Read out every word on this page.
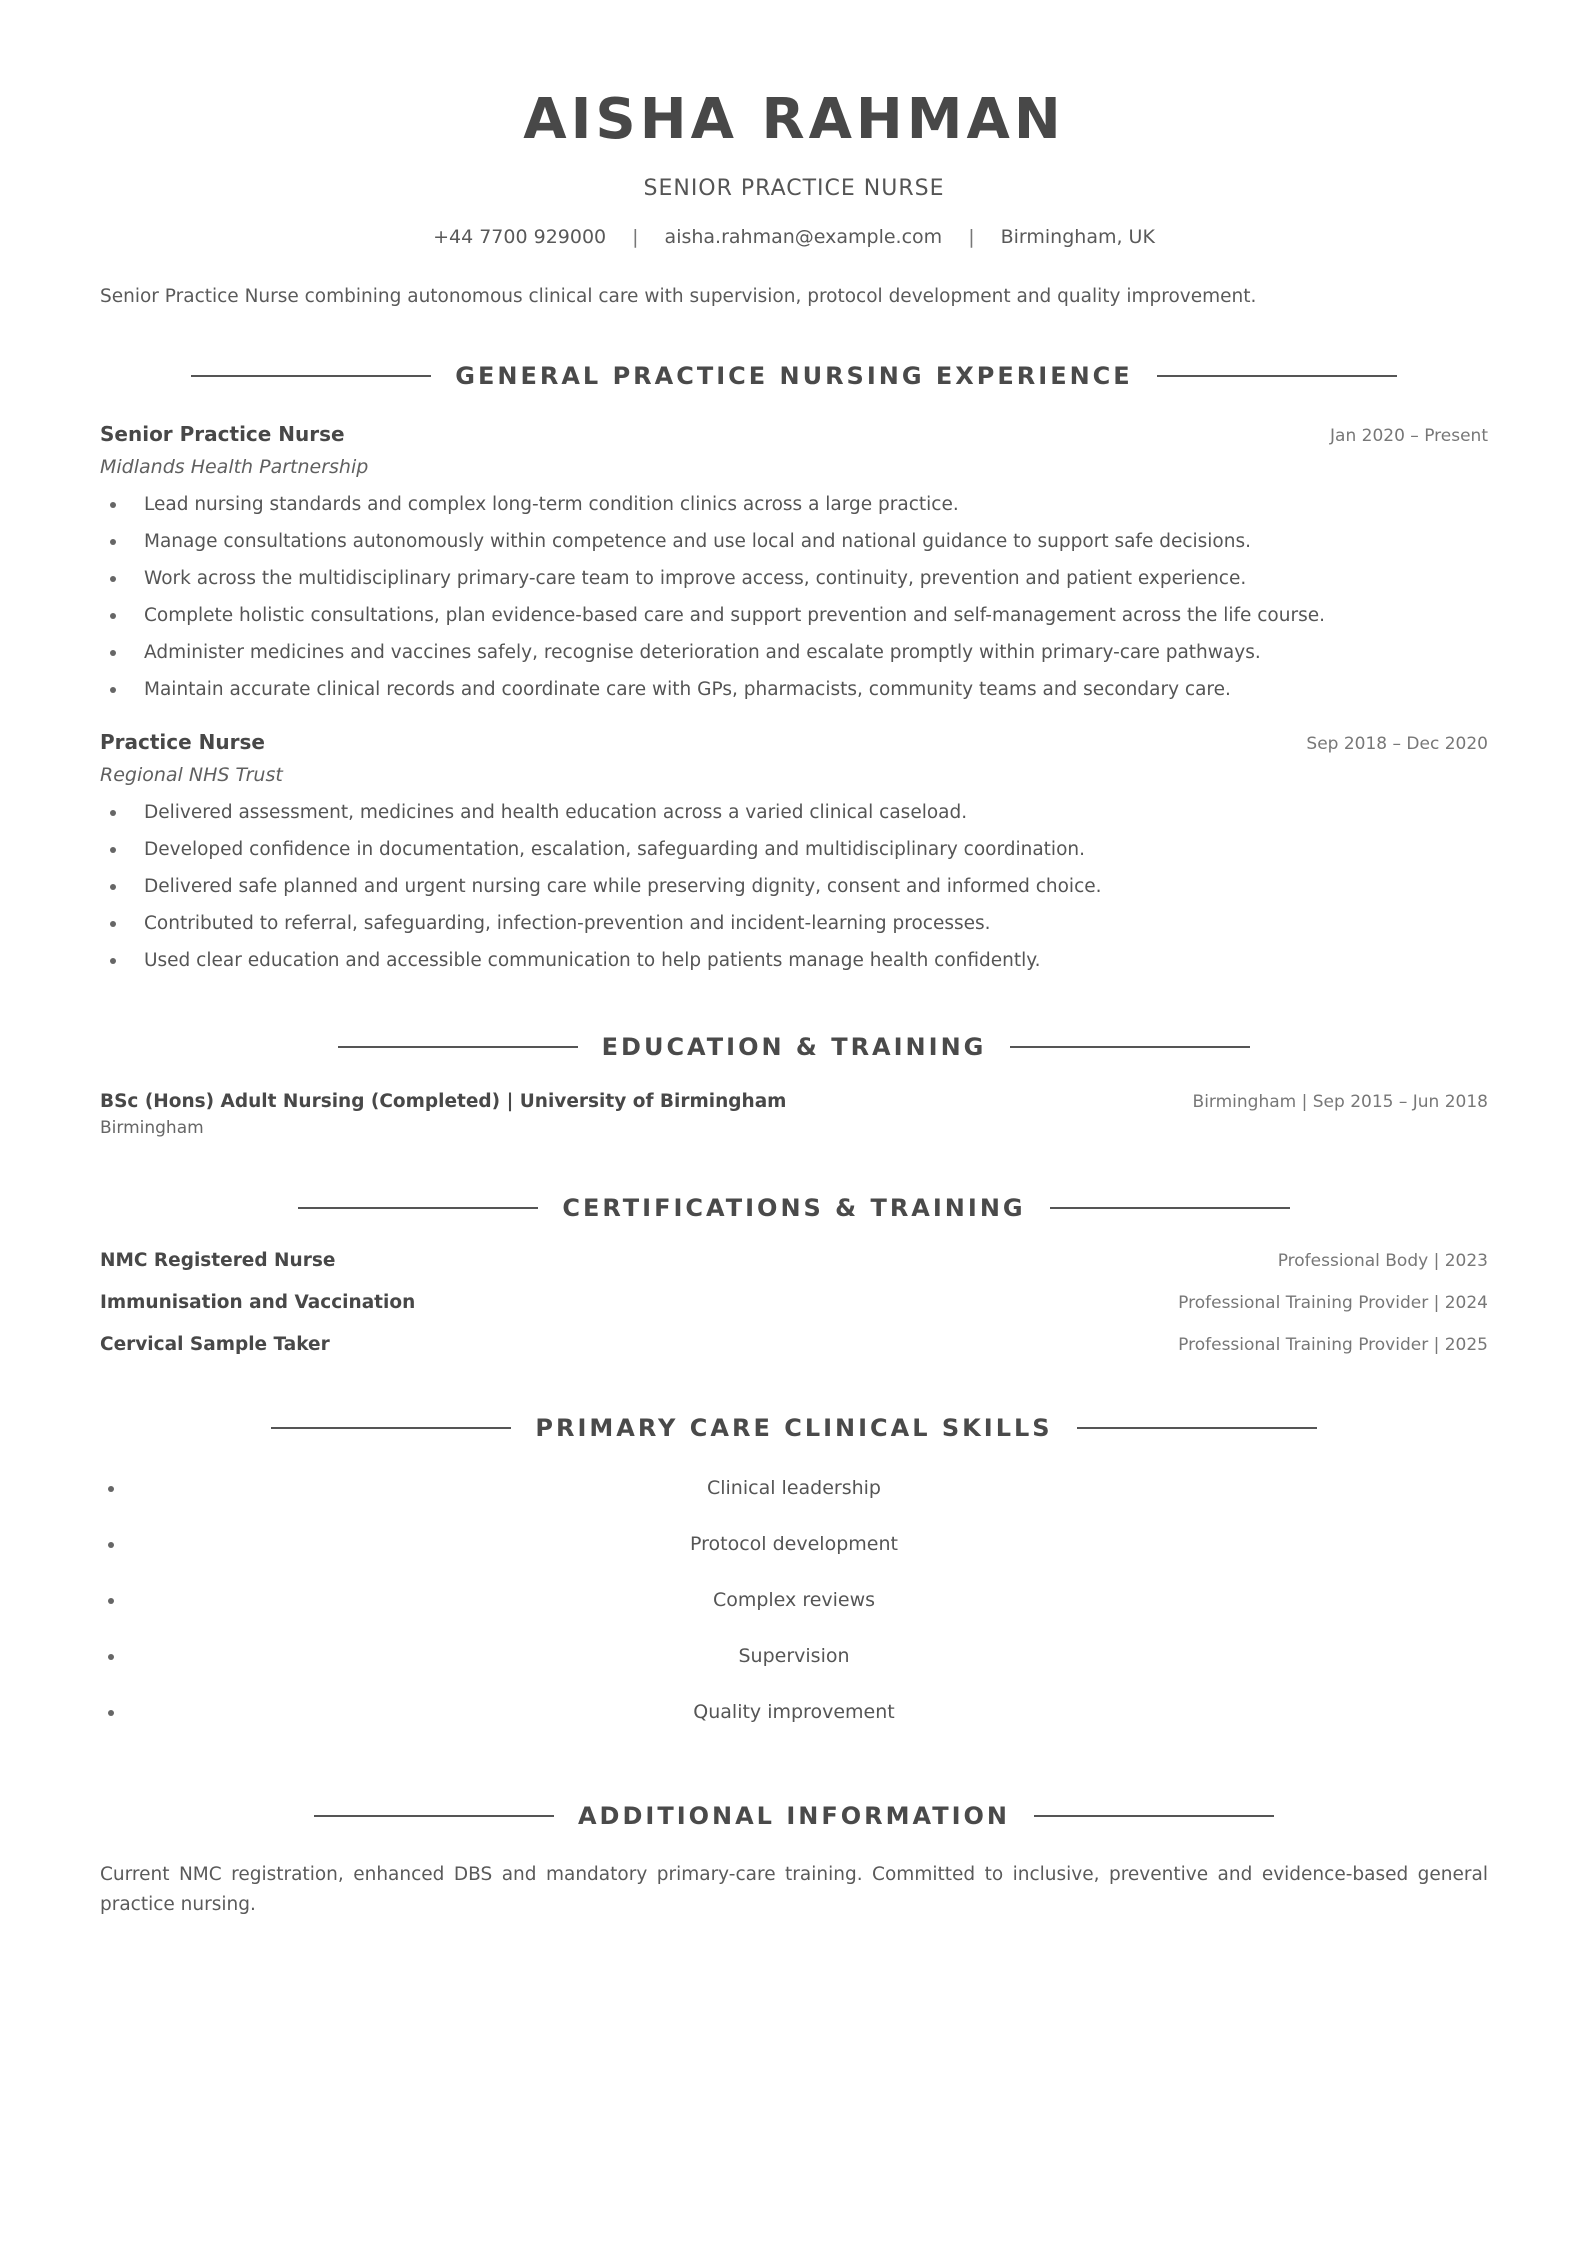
AISHA RAHMAN
SENIOR PRACTICE NURSE
+44 7700 929000 | aisha.rahman@example.com | Birmingham, UK
Senior Practice Nurse combining autonomous clinical care with supervision, protocol development and quality improvement.
GENERAL PRACTICE NURSING EXPERIENCE
Senior Practice Nurse	Jan 2020 – Present
Midlands Health Partnership
Lead nursing standards and complex long-term condition clinics across a large practice.
Manage consultations autonomously within competence and use local and national guidance to support safe decisions.
Work across the multidisciplinary primary-care team to improve access, continuity, prevention and patient experience.
Complete holistic consultations, plan evidence-based care and support prevention and self-management across the life course.
Administer medicines and vaccines safely, recognise deterioration and escalate promptly within primary-care pathways.
Maintain accurate clinical records and coordinate care with GPs, pharmacists, community teams and secondary care.
Practice Nurse	Sep 2018 – Dec 2020
Regional NHS Trust
Delivered assessment, medicines and health education across a varied clinical caseload.
Developed confidence in documentation, escalation, safeguarding and multidisciplinary coordination.
Delivered safe planned and urgent nursing care while preserving dignity, consent and informed choice.
Contributed to referral, safeguarding, infection-prevention and incident-learning processes.
Used clear education and accessible communication to help patients manage health confidently.
EDUCATION & TRAINING
BSc (Hons) Adult Nursing (Completed) | University of Birmingham	Birmingham | Sep 2015 – Jun 2018
Birmingham
CERTIFICATIONS & TRAINING
NMC Registered Nurse	Professional Body | 2023
Immunisation and Vaccination	Professional Training Provider | 2024
Cervical Sample Taker	Professional Training Provider | 2025
PRIMARY CARE CLINICAL SKILLS
Clinical leadership
Protocol development
Complex reviews
Supervision
Quality improvement
ADDITIONAL INFORMATION
Current NMC registration, enhanced DBS and mandatory primary-care training. Committed to inclusive, preventive and evidence-based general practice nursing.
